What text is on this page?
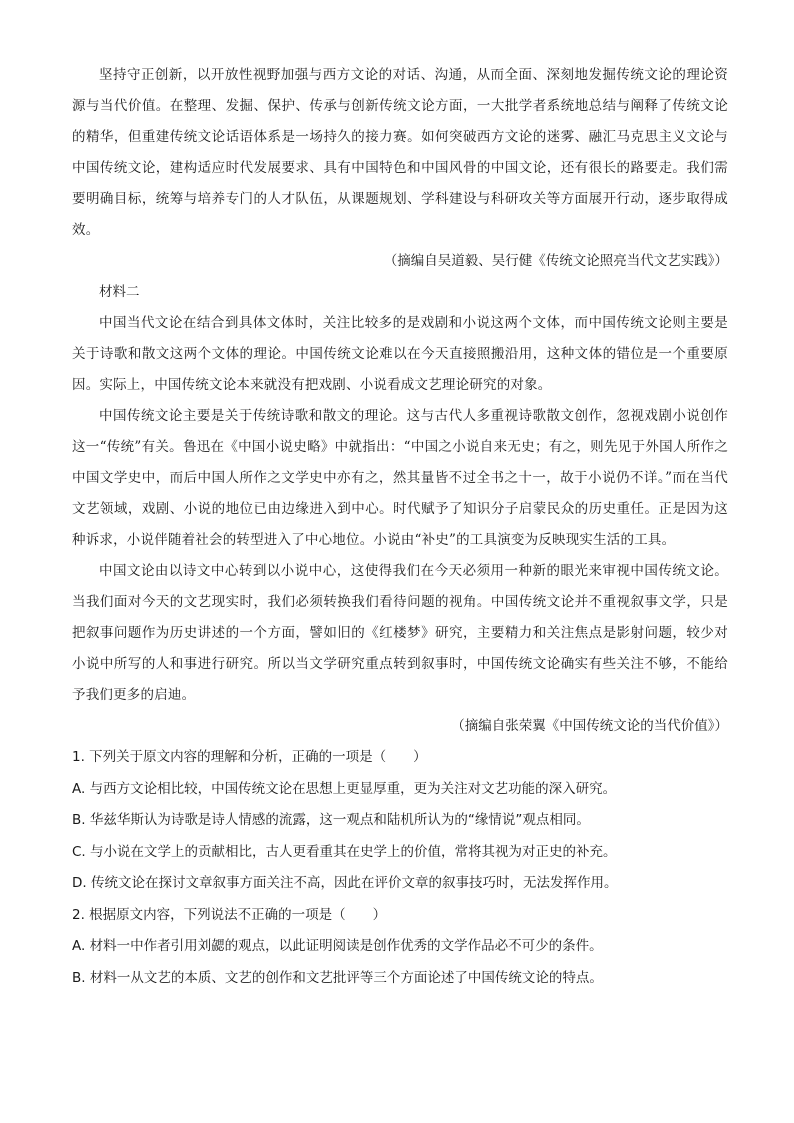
坚持守正创新，以开放性视野加强与西方文论的对话、沟通，从而全面、深刻地发掘传统文论的理论资源与当代价值。在整理、发掘、保护、传承与创新传统文论方面，一大批学者系统地总结与阐释了传统文论的精华，但重建传统文论话语体系是一场持久的接力赛。如何突破西方文论的迷雾、融汇马克思主义文论与中国传统文论，建构适应时代发展要求、具有中国特色和中国风骨的中国文论，还有很长的路要走。我们需要明确目标，统筹与培养专门的人才队伍，从课题规划、学科建设与科研攻关等方面展开行动，逐步取得成效。

（摘编自吴道毅、吴行健《传统文论照亮当代文艺实践》）

材料二

中国当代文论在结合到具体文体时，关注比较多的是戏剧和小说这两个文体，而中国传统文论则主要是关于诗歌和散文这两个文体的理论。中国传统文论难以在今天直接照搬沿用，这种文体的错位是一个重要原因。实际上，中国传统文论本来就没有把戏剧、小说看成文艺理论研究的对象。

中国传统文论主要是关于传统诗歌和散文的理论。这与古代人多重视诗歌散文创作，忽视戏剧小说创作这一“传统”有关。鲁迅在《中国小说史略》中就指出：“中国之小说自来无史；有之，则先见于外国人所作之中国文学史中，而后中国人所作之文学史中亦有之，然其量皆不过全书之十一，故于小说仍不详。”而在当代文艺领域，戏剧、小说的地位已由边缘进入到中心。时代赋予了知识分子启蒙民众的历史重任。正是因为这种诉求，小说伴随着社会的转型进入了中心地位。小说由“补史”的工具演变为反映现实生活的工具。

中国文论由以诗文中心转到以小说中心，这使得我们在今天必须用一种新的眼光来审视中国传统文论。当我们面对今天的文艺现实时，我们必须转换我们看待问题的视角。中国传统文论并不重视叙事文学，只是把叙事问题作为历史讲述的一个方面，譬如旧的《红楼梦》研究，主要精力和关注焦点是影射问题，较少对小说中所写的人和事进行研究。所以当文学研究重点转到叙事时，中国传统文论确实有些关注不够，不能给予我们更多的启迪。

（摘编自张荣翼《中国传统文论的当代价值》）

1. 下列关于原文内容的理解和分析，正确的一项是（　　）

A. 与西方文论相比较，中国传统文论在思想上更显厚重，更为关注对文艺功能的深入研究。

B. 华兹华斯认为诗歌是诗人情感的流露，这一观点和陆机所认为的“缘情说”观点相同。

C. 与小说在文学上的贡献相比，古人更看重其在史学上的价值，常将其视为对正史的补充。

D. 传统文论在探讨文章叙事方面关注不高，因此在评价文章的叙事技巧时，无法发挥作用。

2. 根据原文内容，下列说法不正确的一项是（　　）

A. 材料一中作者引用刘勰的观点，以此证明阅读是创作优秀的文学作品必不可少的条件。

B. 材料一从文艺的本质、文艺的创作和文艺批评等三个方面论述了中国传统文论的特点。
